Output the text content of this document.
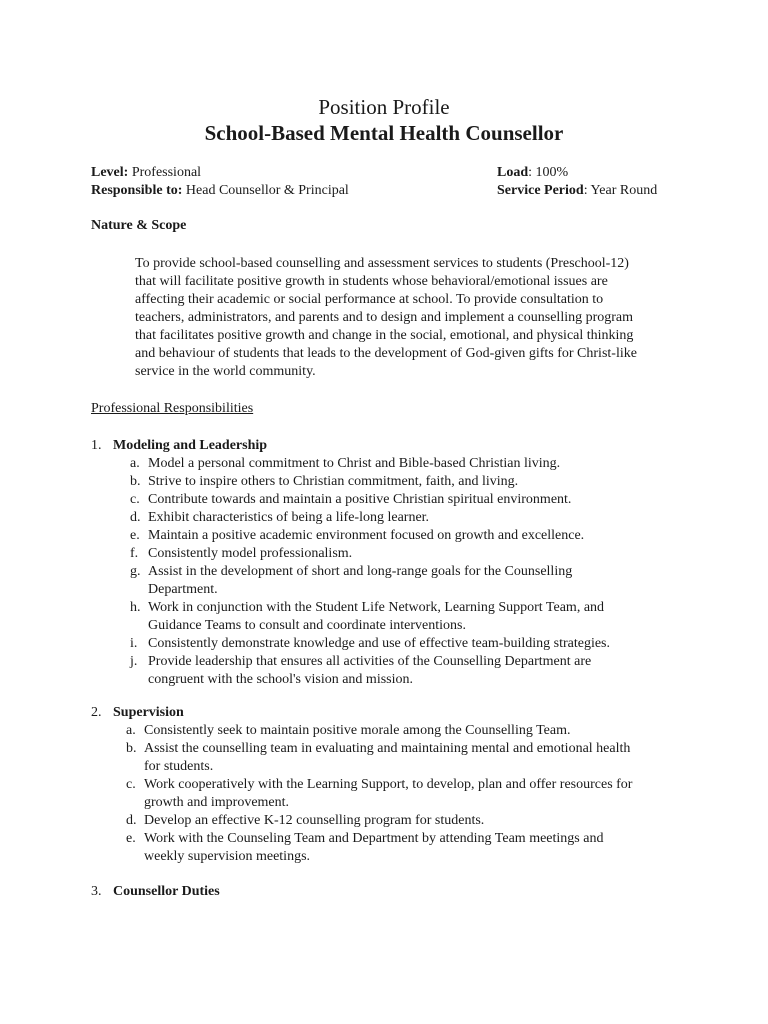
Position Profile
School-Based Mental Health Counsellor
Level: Professional
Responsible to: Head Counsellor & Principal
Load: 100%
Service Period: Year Round
Nature & Scope
To provide school-based counselling and assessment services to students (Preschool-12)
that will facilitate positive growth in students whose behavioral/emotional issues are
affecting their academic or social performance at school. To provide consultation to
teachers, administrators, and parents and to design and implement a counselling program
that facilitates positive growth and change in the social, emotional, and physical thinking
and behaviour of students that leads to the development of God-given gifts for Christ-like
service in the world community.
Professional Responsibilities
1. Modeling and Leadership
a. Model a personal commitment to Christ and Bible-based Christian living.
b. Strive to inspire others to Christian commitment, faith, and living.
c. Contribute towards and maintain a positive Christian spiritual environment.
d. Exhibit characteristics of being a life-long learner.
e. Maintain a positive academic environment focused on growth and excellence.
f. Consistently model professionalism.
g. Assist in the development of short and long-range goals for the Counselling
Department.
h. Work in conjunction with the Student Life Network, Learning Support Team, and
Guidance Teams to consult and coordinate interventions.
i. Consistently demonstrate knowledge and use of effective team-building strategies.
j. Provide leadership that ensures all activities of the Counselling Department are
congruent with the school's vision and mission.
2. Supervision
a. Consistently seek to maintain positive morale among the Counselling Team.
b. Assist the counselling team in evaluating and maintaining mental and emotional health
for students.
c. Work cooperatively with the Learning Support, to develop, plan and offer resources for
growth and improvement.
d. Develop an effective K-12 counselling program for students.
e. Work with the Counseling Team and Department by attending Team meetings and
weekly supervision meetings.
3. Counsellor Duties
